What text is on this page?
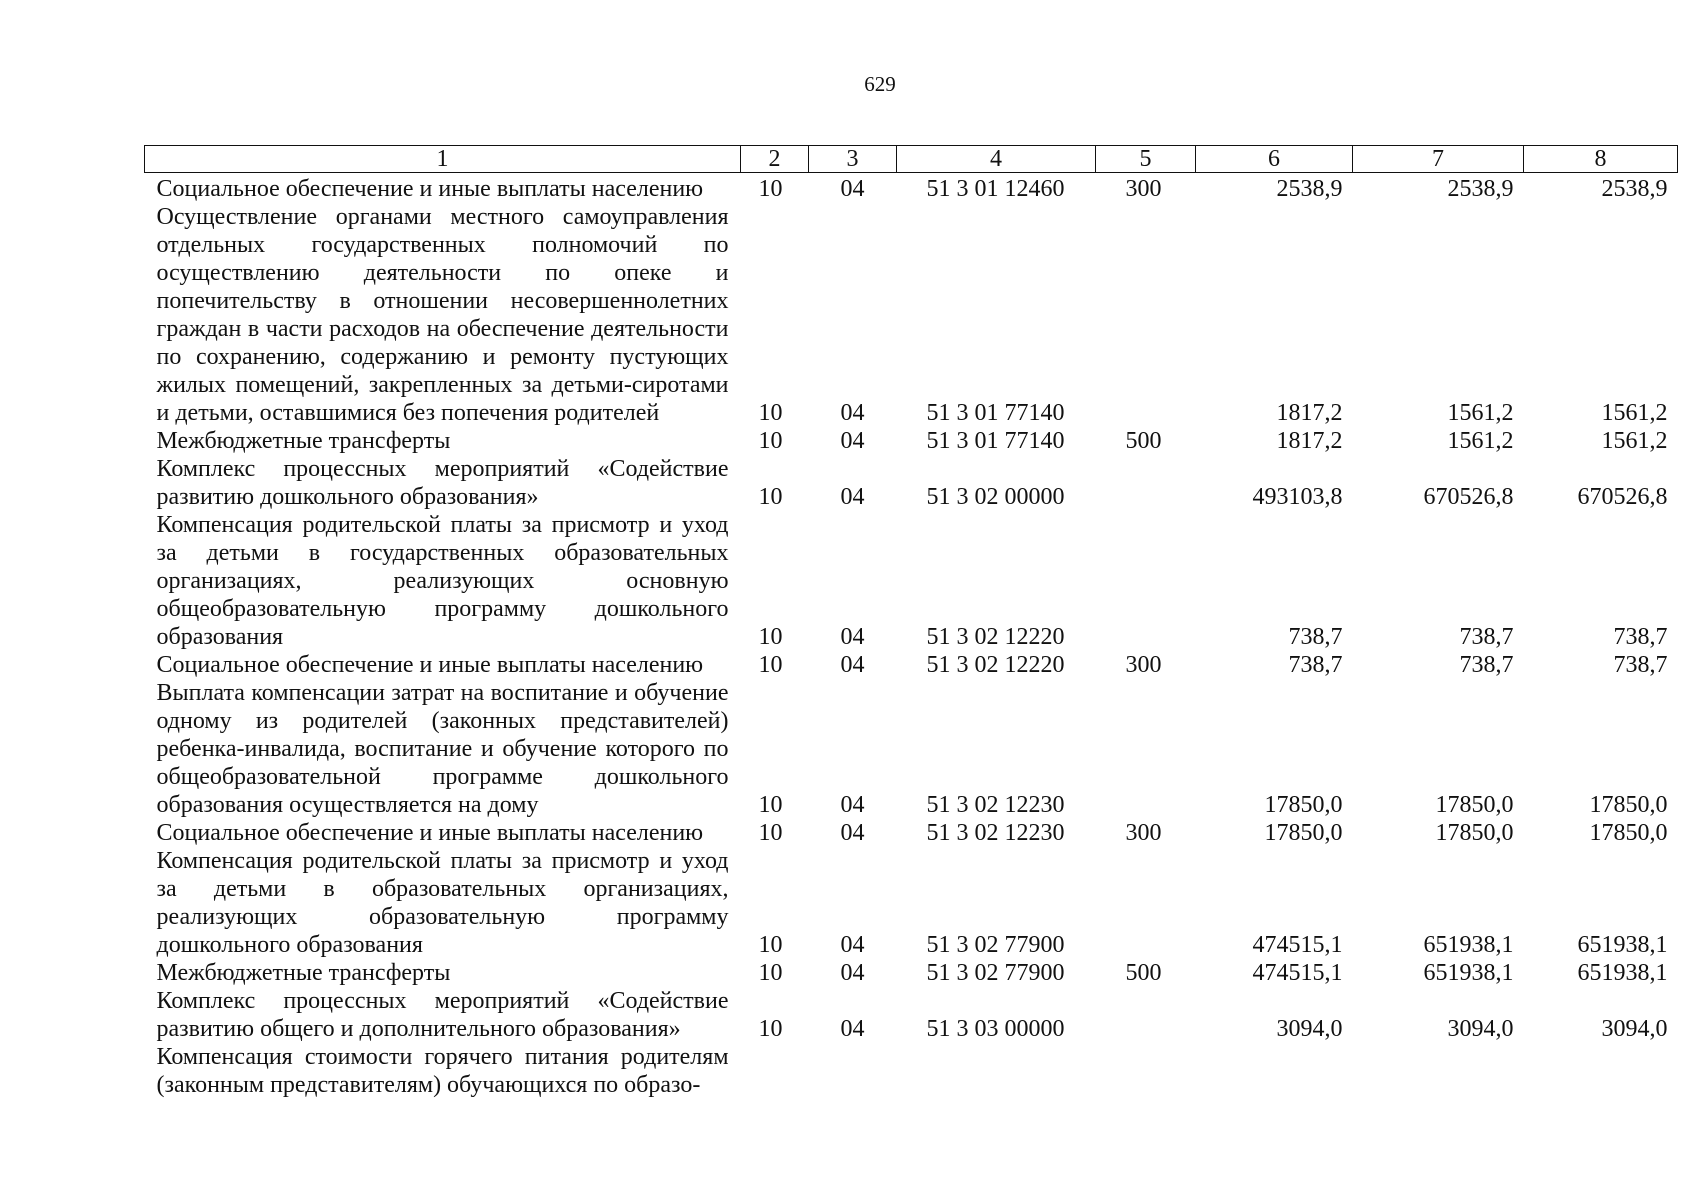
629
1	2	3	4	5	6	7	8
Социальное обеспечение и иные выплаты населению	10	04	51 3 01 12460	300	2538,9	2538,9	2538,9
Осуществление органами местного самоуправления отдельных государственных полномочий по осуществлению деятельности по опеке и попечительству в отношении несовершеннолетних граждан в части расходов на обеспечение деятельности по сохранению, содержанию и ремонту пустующих жилых помещений, закрепленных за детьми-сиротами и детьми, оставшимися без попечения родителей	10	04	51 3 01 77140		1817,2	1561,2	1561,2
Межбюджетные трансферты	10	04	51 3 01 77140	500	1817,2	1561,2	1561,2
Комплекс процессных мероприятий «Содействие развитию дошкольного образования»	10	04	51 3 02 00000		493103,8	670526,8	670526,8
Компенсация родительской платы за присмотр и уход за детьми в государственных образовательных организациях, реализующих основную общеобразовательную программу дошкольного образования	10	04	51 3 02 12220		738,7	738,7	738,7
Социальное обеспечение и иные выплаты населению	10	04	51 3 02 12220	300	738,7	738,7	738,7
Выплата компенсации затрат на воспитание и обучение одному из родителей (законных представителей) ребенка-инвалида, воспитание и обучение которого по общеобразовательной программе дошкольного образования осуществляется на дому	10	04	51 3 02 12230		17850,0	17850,0	17850,0
Социальное обеспечение и иные выплаты населению	10	04	51 3 02 12230	300	17850,0	17850,0	17850,0
Компенсация родительской платы за присмотр и уход за детьми в образовательных организациях, реализующих образовательную программу дошкольного образования	10	04	51 3 02 77900		474515,1	651938,1	651938,1
Межбюджетные трансферты	10	04	51 3 02 77900	500	474515,1	651938,1	651938,1
Комплекс процессных мероприятий «Содействие развитию общего и дополнительного образования»	10	04	51 3 03 00000		3094,0	3094,0	3094,0
Компенсация стоимости горячего питания родителям (законным представителям) обучающихся по образо-							
